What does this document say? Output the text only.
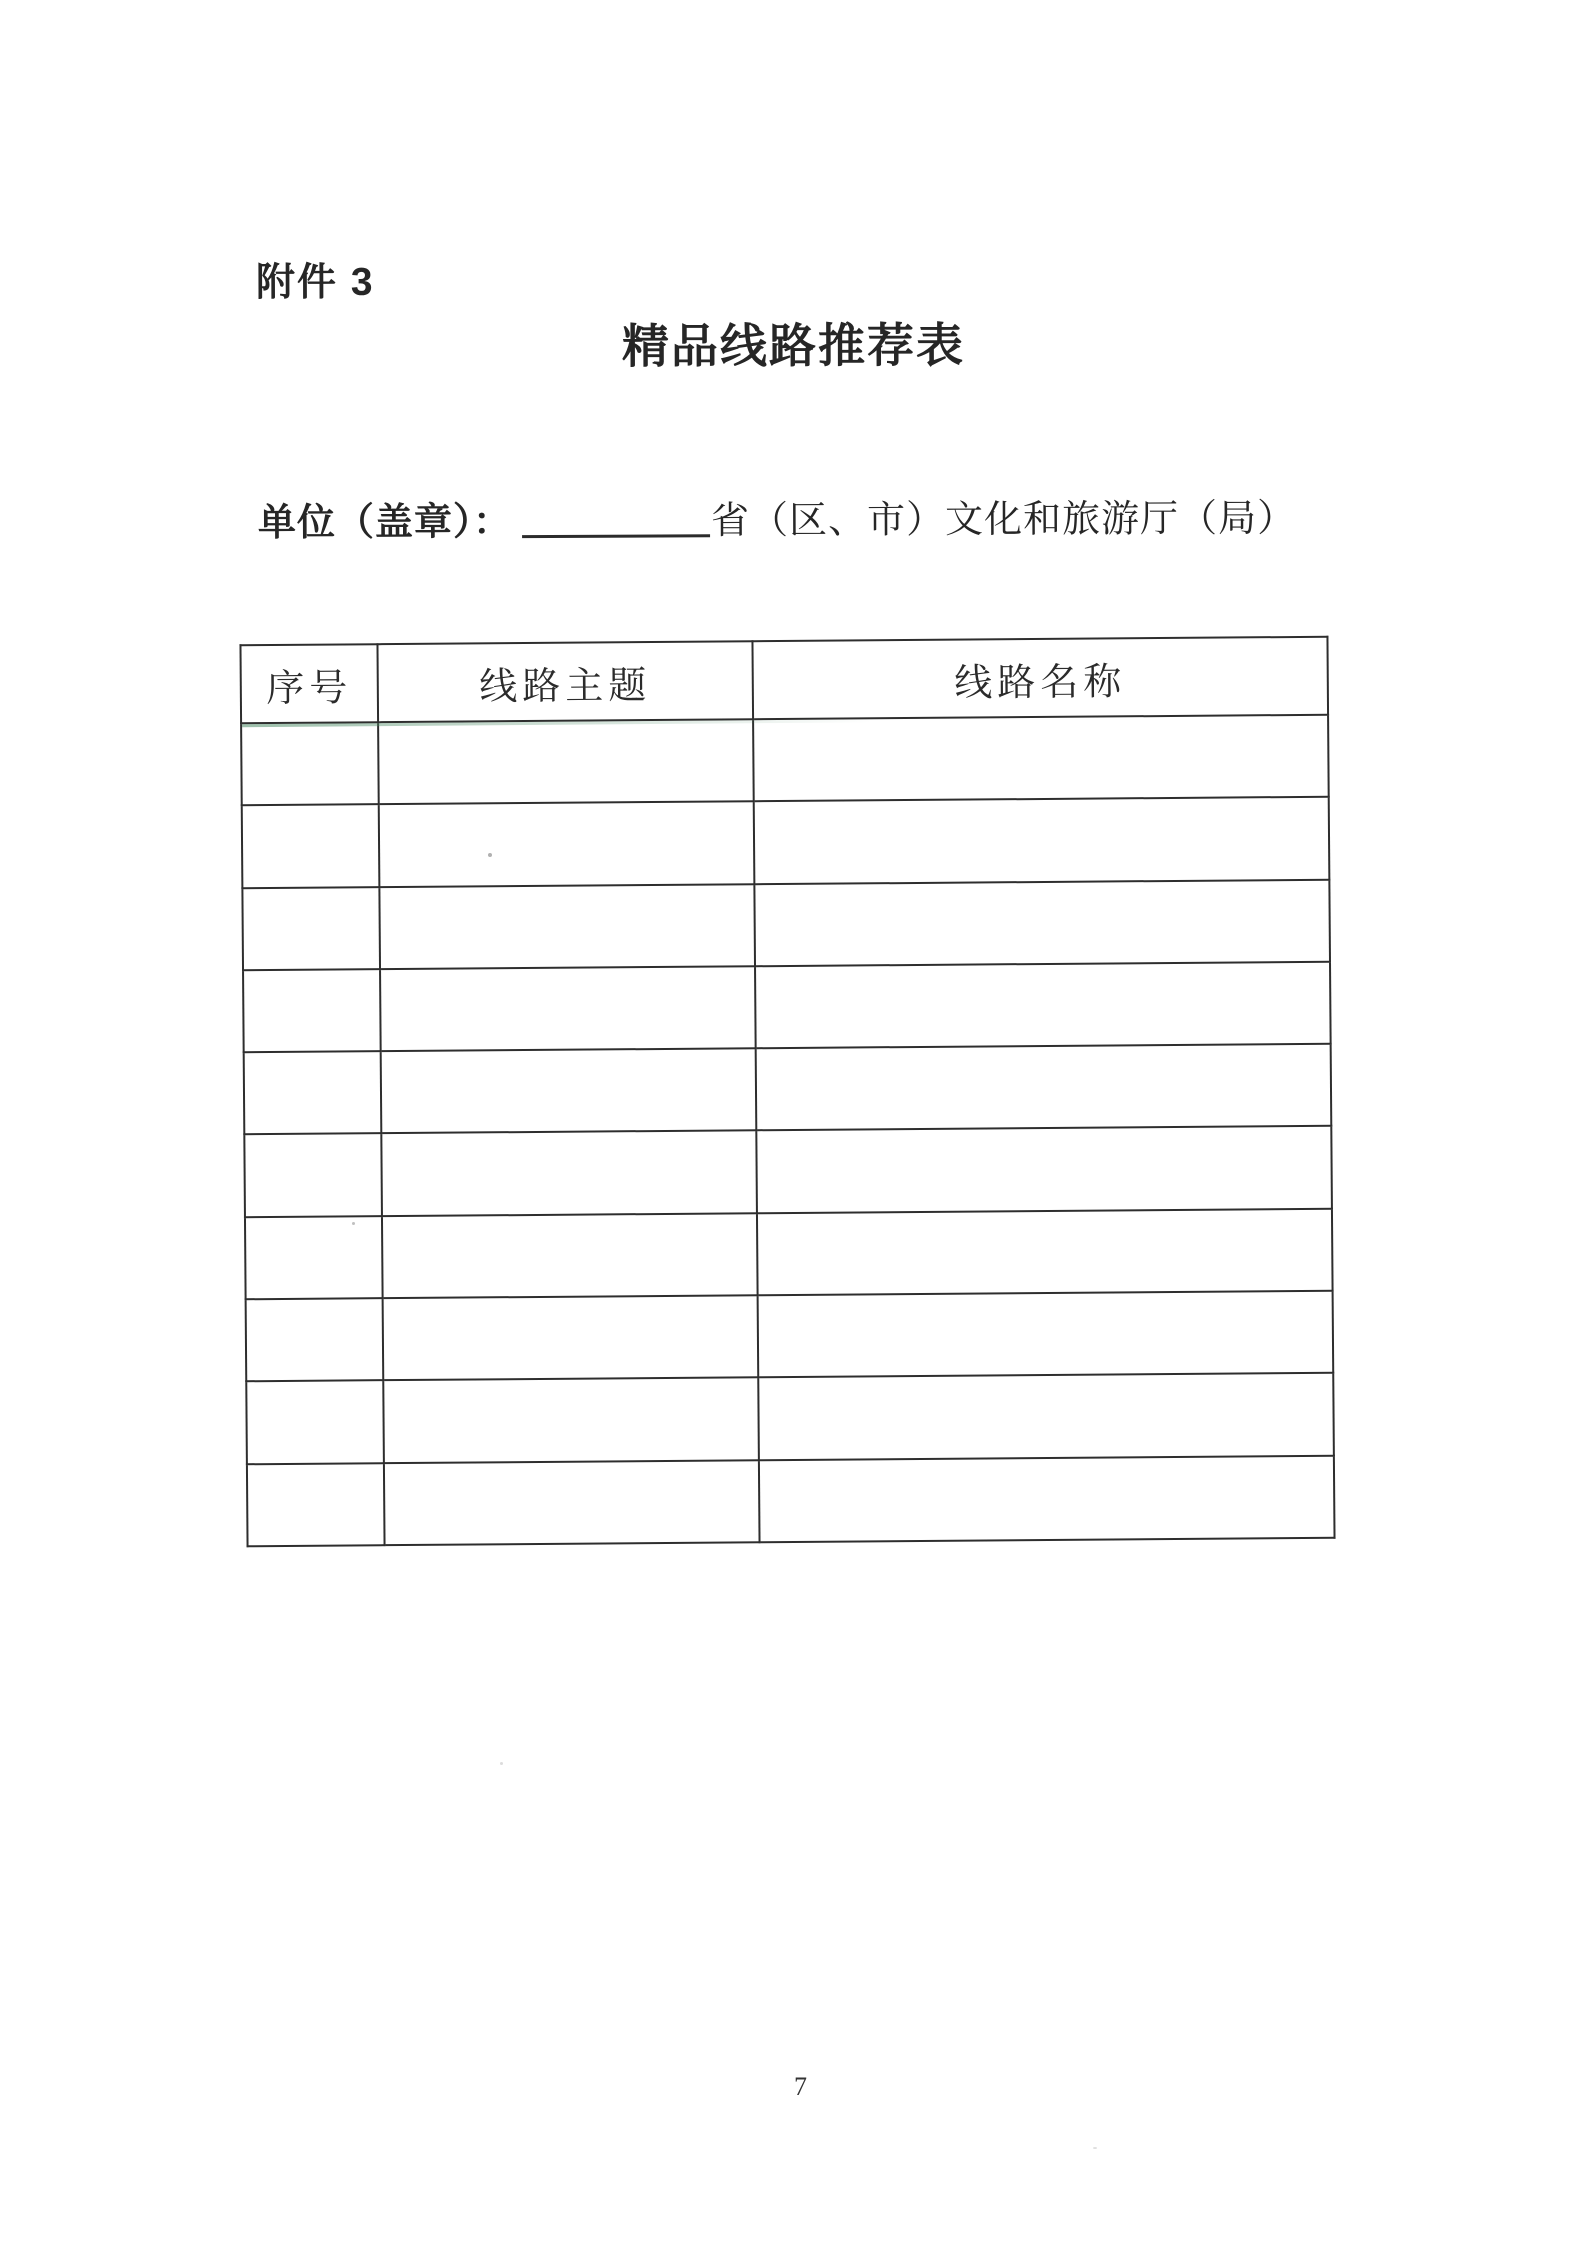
附件 3
精品线路推荐表
单位（盖章）：	省（区、市）文化和旅游厅（局）
序号	线路主题	线路名称

7
